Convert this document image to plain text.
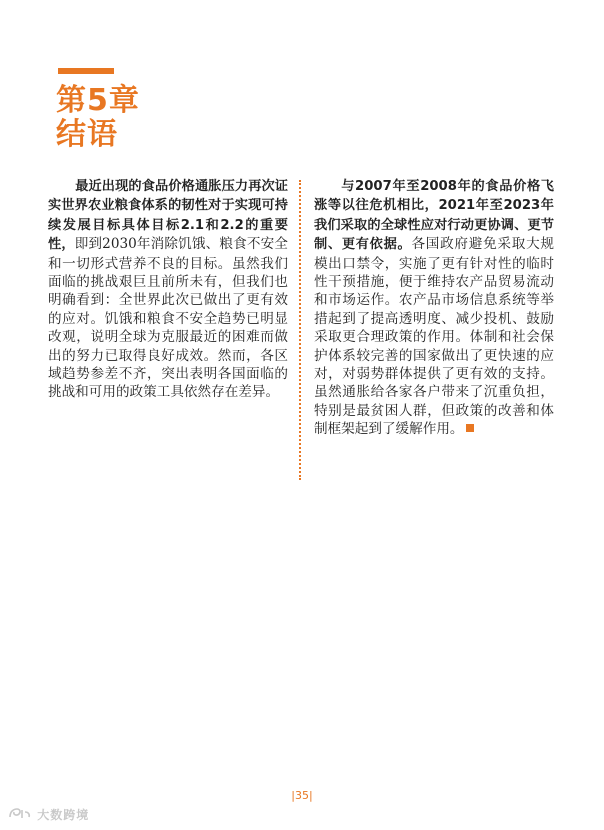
第5章
结语

最近出现的食品价格通胀压力再次证实世界农业粮食体系的韧性对于实现可持续发展目标具体目标2.1和2.2的重要性，即到2030年消除饥饿、粮食不安全和一切形式营养不良的目标。虽然我们面临的挑战艰巨且前所未有，但我们也明确看到：全世界此次已做出了更有效的应对。饥饿和粮食不安全趋势已明显改观，说明全球为克服最近的困难而做出的努力已取得良好成效。然而，各区域趋势参差不齐，突出表明各国面临的挑战和可用的政策工具依然存在差异。

与2007年至2008年的食品价格飞涨等以往危机相比，2021年至2023年我们采取的全球性应对行动更协调、更节制、更有依据。各国政府避免采取大规模出口禁令，实施了更有针对性的临时性干预措施，便于维持农产品贸易流动和市场运作。农产品市场信息系统等举措起到了提高透明度、减少投机、鼓励采取更合理政策的作用。体制和社会保护体系较完善的国家做出了更快速的应对，对弱势群体提供了更有效的支持。虽然通胀给各家各户带来了沉重负担，特别是最贫困人群，但政策的改善和体制框架起到了缓解作用。

|35|
大数跨境
